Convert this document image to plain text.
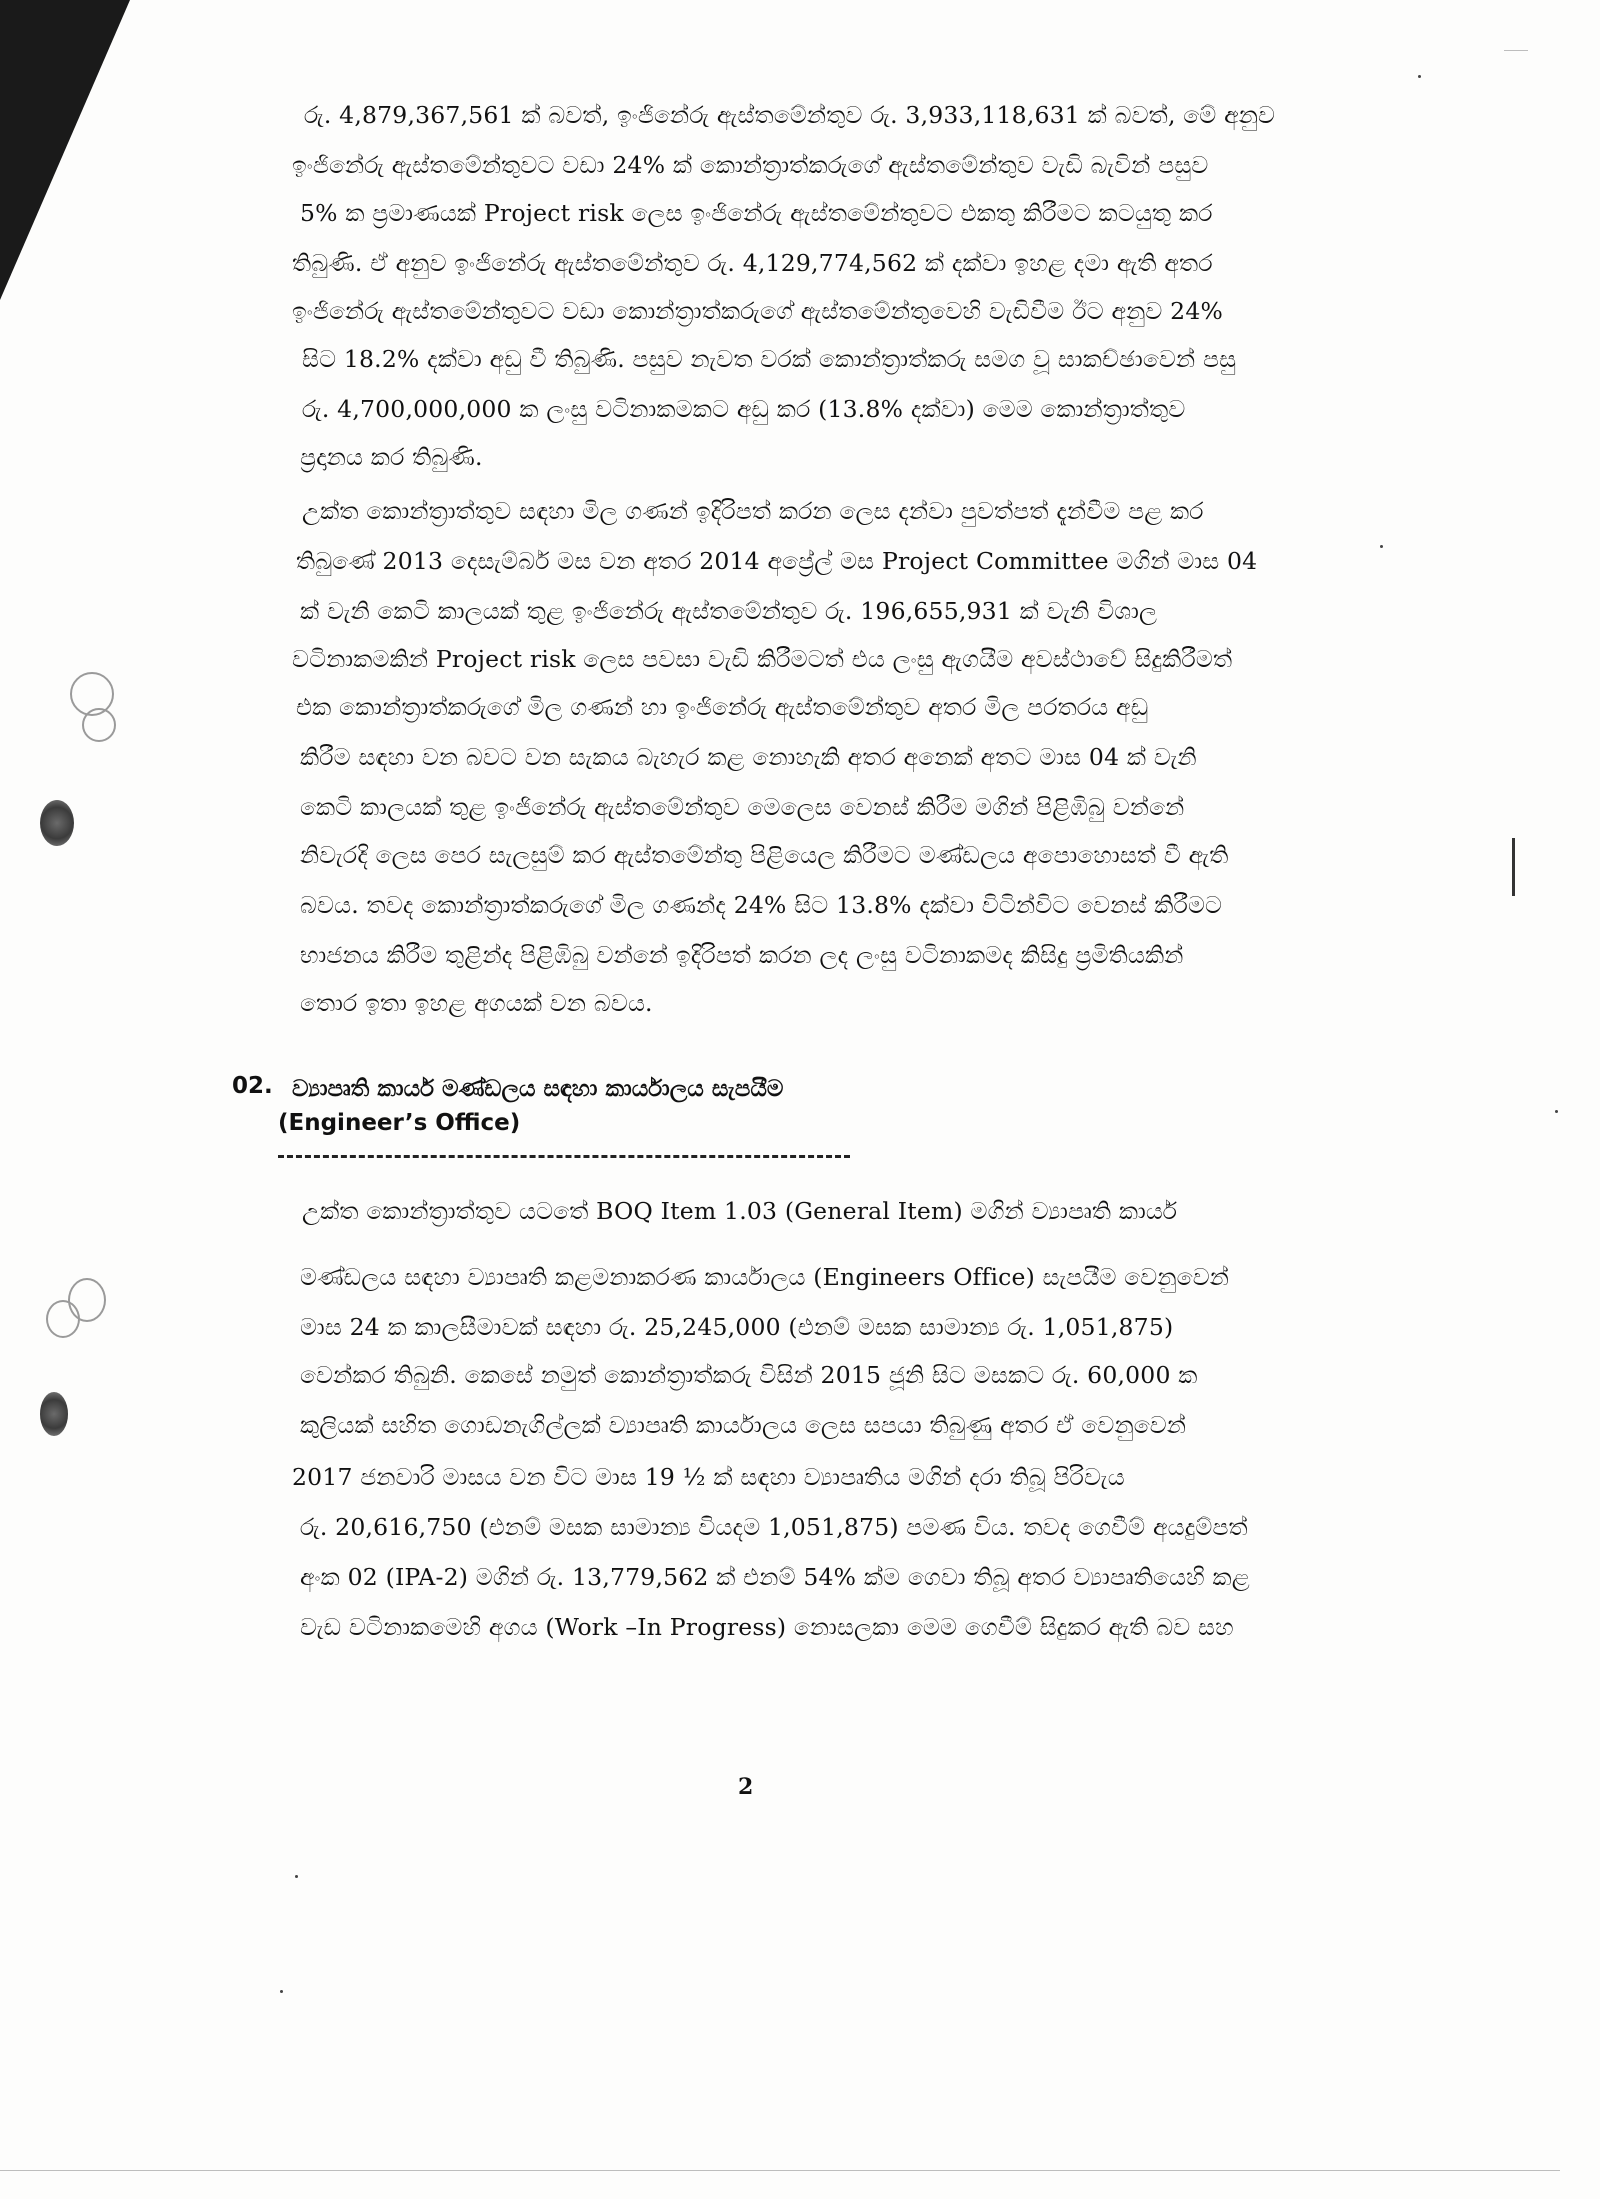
රු. 4,879,367,561 ක් බවත්, ඉංජිනේරු ඇස්තමේන්තුව රු. 3,933,118,631 ක් බවත්, මේ අනුව
ඉංජිනේරු ඇස්තමේන්තුවට වඩා 24% ක් කොන්ත්‍රාත්කරුගේ ඇස්තමේන්තුව වැඩි බැවින් පසුව
5% ක ප්‍රමාණයක් Project risk ලෙස ඉංජිනේරු ඇස්තමේන්තුවට එකතු කිරීමට කටයුතු කර
තිබුණි. ඒ අනුව ඉංජිනේරු ඇස්තමේන්තුව රු. 4,129,774,562 ක් දක්වා ඉහළ දමා ඇති අතර
ඉංජිනේරු ඇස්තමේන්තුවට වඩා කොන්ත්‍රාත්කරුගේ ඇස්තමේන්තුවෙහි වැඩිවීම ඊට අනුව 24%
සිට 18.2% දක්වා අඩු වී තිබුණි. පසුව නැවත වරක් කොන්ත්‍රාත්කරු සමග වූ සාකච්ඡාවෙන් පසු
රු. 4,700,000,000 ක ලංසු වටිනාකමකට අඩු කර (13.8% දක්වා) මෙම කොන්ත්‍රාත්තුව
ප්‍රදානය කර තිබුණි.
උක්ත කොන්ත්‍රාත්තුව සඳහා මිල ගණන් ඉදිරිපත් කරන ලෙස දන්වා පුවත්පත් දැන්වීම පළ කර
තිබුණේ 2013 දෙසැම්බර් මස වන අතර 2014 අප්‍රේල් මස Project Committee මගින් මාස 04
ක් වැනි කෙටි කාලයක් තුළ ඉංජිනේරු ඇස්තමේන්තුව රු. 196,655,931 ක් වැනි විශාල
වටිනාකමකින් Project risk ලෙස පවසා වැඩි කිරීමටත් එය ලංසු ඇගයීම අවස්ථාවේ සිදුකිරීමත්
එක කොන්ත්‍රාත්කරුගේ මිල ගණන් හා ඉංජිනේරු ඇස්තමේන්තුව අතර මිල පරතරය අඩු
කිරීම සඳහා වන බවට වන සැකය බැහැර කළ නොහැකි අතර අනෙක් අතට මාස 04 ක් වැනි
කෙටි කාලයක් තුළ ඉංජිනේරු ඇස්තමේන්තුව මෙලෙස වෙනස් කිරීම මගින් පිළිඹිබු වන්නේ
නිවැරදි ලෙස පෙර සැලසුම් කර ඇස්තමේන්තු පිළියෙල කිරීමට මණ්ඩලය අපොහොසත් වී ඇති
බවය. තවද කොන්ත්‍රාත්කරුගේ මිල ගණන්ද 24% සිට 13.8% දක්වා විටින්විට වෙනස් කිරීමට
භාජනය කිරීම තුළින්ද පිළිඹිබු වන්නේ ඉදිරිපත් කරන ලද ලංසු වටිනාකමද කිසිදු ප්‍රමිතියකින්
තොර ඉතා ඉහළ අගයක් වන බවය.
02. ව්‍යාපෘති කාර්ය මණ්ඩලය සඳහා කාර්යාලය සැපයීම
(Engineer’s Office)
උක්ත කොන්ත්‍රාත්තුව යටතේ BOQ Item 1.03 (General Item) මගින් ව්‍යාපෘති කාර්ය
මණ්ඩලය සඳහා ව්‍යාපෘති කළමනාකරණ කාර්යාලය (Engineers Office) සැපයීම වෙනුවෙන්
මාස 24 ක කාලසීමාවක් සඳහා රු. 25,245,000 (එනම් මසක සාමාන්‍ය රු. 1,051,875)
වෙන්කර තිබුනි. කෙසේ නමුත් කොන්ත්‍රාත්කරු විසින් 2015 ජූනි සිට මසකට රු. 60,000 ක
කුලියක් සහිත ගොඩනැගිල්ලක් ව්‍යාපෘති කාර්යාලය ලෙස සපයා තිබුණු අතර ඒ වෙනුවෙන්
2017 ජනවාරි මාසය වන විට මාස 19 ½ ක් සඳහා ව්‍යාපෘතිය මගින් දරා තිබූ පිරිවැය
රු. 20,616,750 (එනම් මසක සාමාන්‍ය වියදම 1,051,875) පමණ විය. තවද ගෙවීම් අයදුම්පත්
අංක 02 (IPA-2) මගින් රු. 13,779,562 ක් එනම් 54% ක්ම ගෙවා තිබූ අතර ව්‍යාපෘතියෙහි කළ
වැඩ වටිනාකමෙහි අගය (Work –In Progress) නොසලකා මෙම ගෙවීම් සිදුකර ඇති බව සහ
2
